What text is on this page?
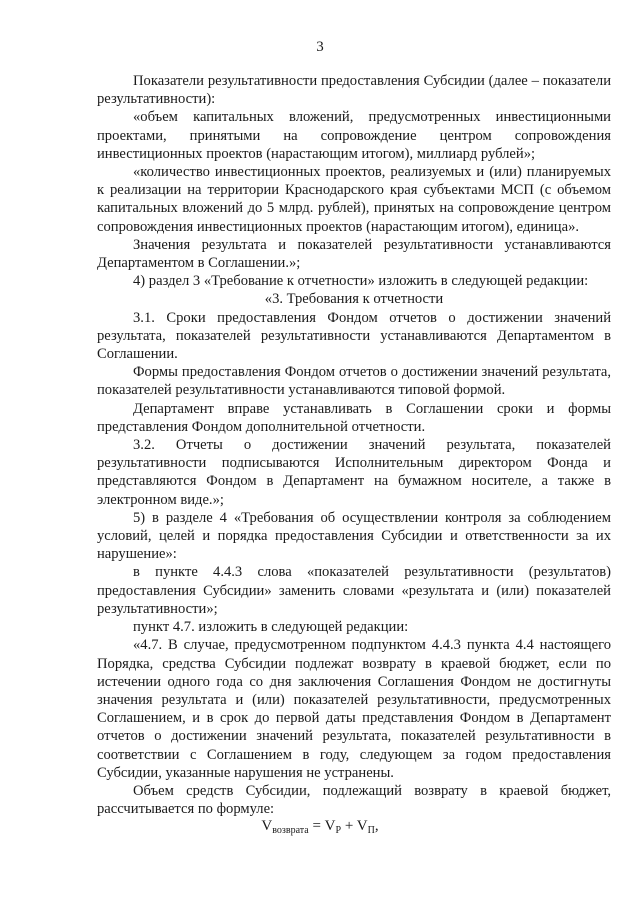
3

Показатели результативности предоставления Субсидии (далее – показатели результативности):

«объем капитальных вложений, предусмотренных инвестиционными проектами, принятыми на сопровождение центром сопровождения инвестиционных проектов (нарастающим итогом), миллиард рублей»;

«количество инвестиционных проектов, реализуемых и (или) планируемых к реализации на территории Краснодарского края субъектами МСП (с объемом капитальных вложений до 5 млрд. рублей), принятых на сопровождение центром сопровождения инвестиционных проектов (нарастающим итогом), единица».

Значения результата и показателей результативности устанавливаются Департаментом в Соглашении.»;

4) раздел 3 «Требование к отчетности» изложить в следующей редакции:

«3. Требования к отчетности

3.1. Сроки предоставления Фондом отчетов о достижении значений результата, показателей результативности устанавливаются Департаментом в Соглашении.

Формы предоставления Фондом отчетов о достижении значений результата, показателей результативности устанавливаются типовой формой.

Департамент вправе устанавливать в Соглашении сроки и формы представления Фондом дополнительной отчетности.

3.2. Отчеты о достижении значений результата, показателей результативности подписываются Исполнительным директором Фонда и представляются Фондом в Департамент на бумажном носителе, а также в электронном виде.»;

5) в разделе 4 «Требования об осуществлении контроля за соблюдением условий, целей и порядка предоставления Субсидии и ответственности за их нарушение»:

в пункте 4.4.3 слова «показателей результативности (результатов) предоставления Субсидии» заменить словами «результата и (или) показателей результативности»;

пункт 4.7. изложить в следующей редакции:

«4.7. В случае, предусмотренном подпунктом 4.4.3 пункта 4.4 настоящего Порядка, средства Субсидии подлежат возврату в краевой бюджет, если по истечении одного года со дня заключения Соглашения Фондом не достигнуты значения результата и (или) показателей результативности, предусмотренных Соглашением, и в срок до первой даты представления Фондом в Департамент отчетов о достижении значений результата, показателей результативности в соответствии с Соглашением в году, следующем за годом предоставления Субсидии, указанные нарушения не устранены.

Объем средств Субсидии, подлежащий возврату в краевой бюджет, рассчитывается по формуле:

$V_{возврата} = V_P + V_П$,
